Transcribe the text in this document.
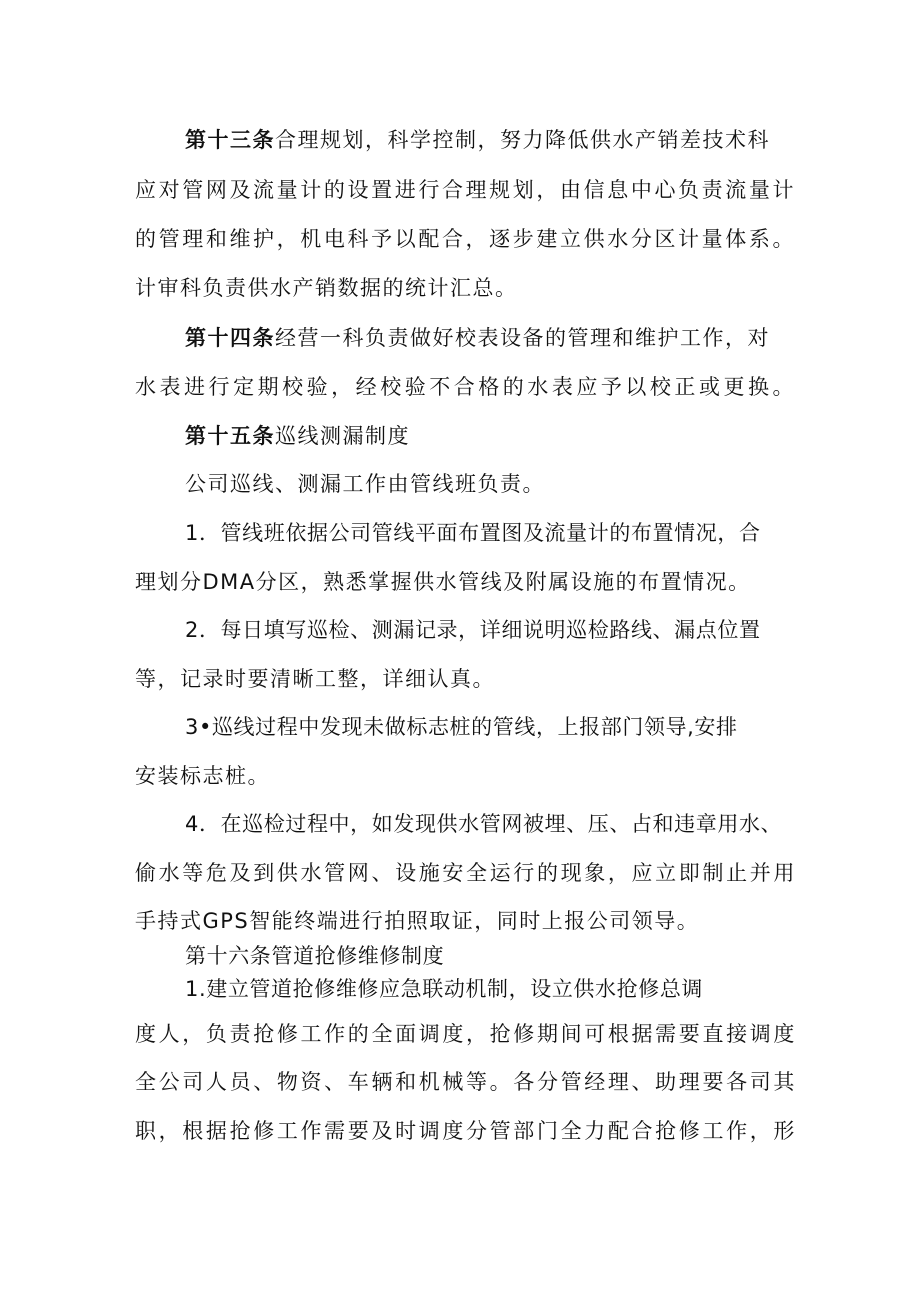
第十三条合理规划，科学控制，努力降低供水产销差技术科
应对管网及流量计的设置进行合理规划，由信息中心负责流量计
的管理和维护，机电科予以配合，逐步建立供水分区计量体系。
计审科负责供水产销数据的统计汇总。
第十四条经营一科负责做好校表设备的管理和维护工作，对
水表进行定期校验，经校验不合格的水表应予以校正或更换。
第十五条巡线测漏制度
公司巡线、测漏工作由管线班负责。
1．管线班依据公司管线平面布置图及流量计的布置情况，合
理划分DMA分区，熟悉掌握供水管线及附属设施的布置情况。
2．每日填写巡检、测漏记录，详细说明巡检路线、漏点位置
等，记录时要清晰工整，详细认真。
3•巡线过程中发现未做标志桩的管线，上报部门领导,安排
安装标志桩。
4．在巡检过程中，如发现供水管网被埋、压、占和违章用水、
偷水等危及到供水管网、设施安全运行的现象，应立即制止并用
手持式GPS智能终端进行拍照取证，同时上报公司领导。
第十六条管道抢修维修制度
1.建立管道抢修维修应急联动机制，设立供水抢修总调
度人，负责抢修工作的全面调度，抢修期间可根据需要直接调度
全公司人员、物资、车辆和机械等。各分管经理、助理要各司其
职，根据抢修工作需要及时调度分管部门全力配合抢修工作，形
